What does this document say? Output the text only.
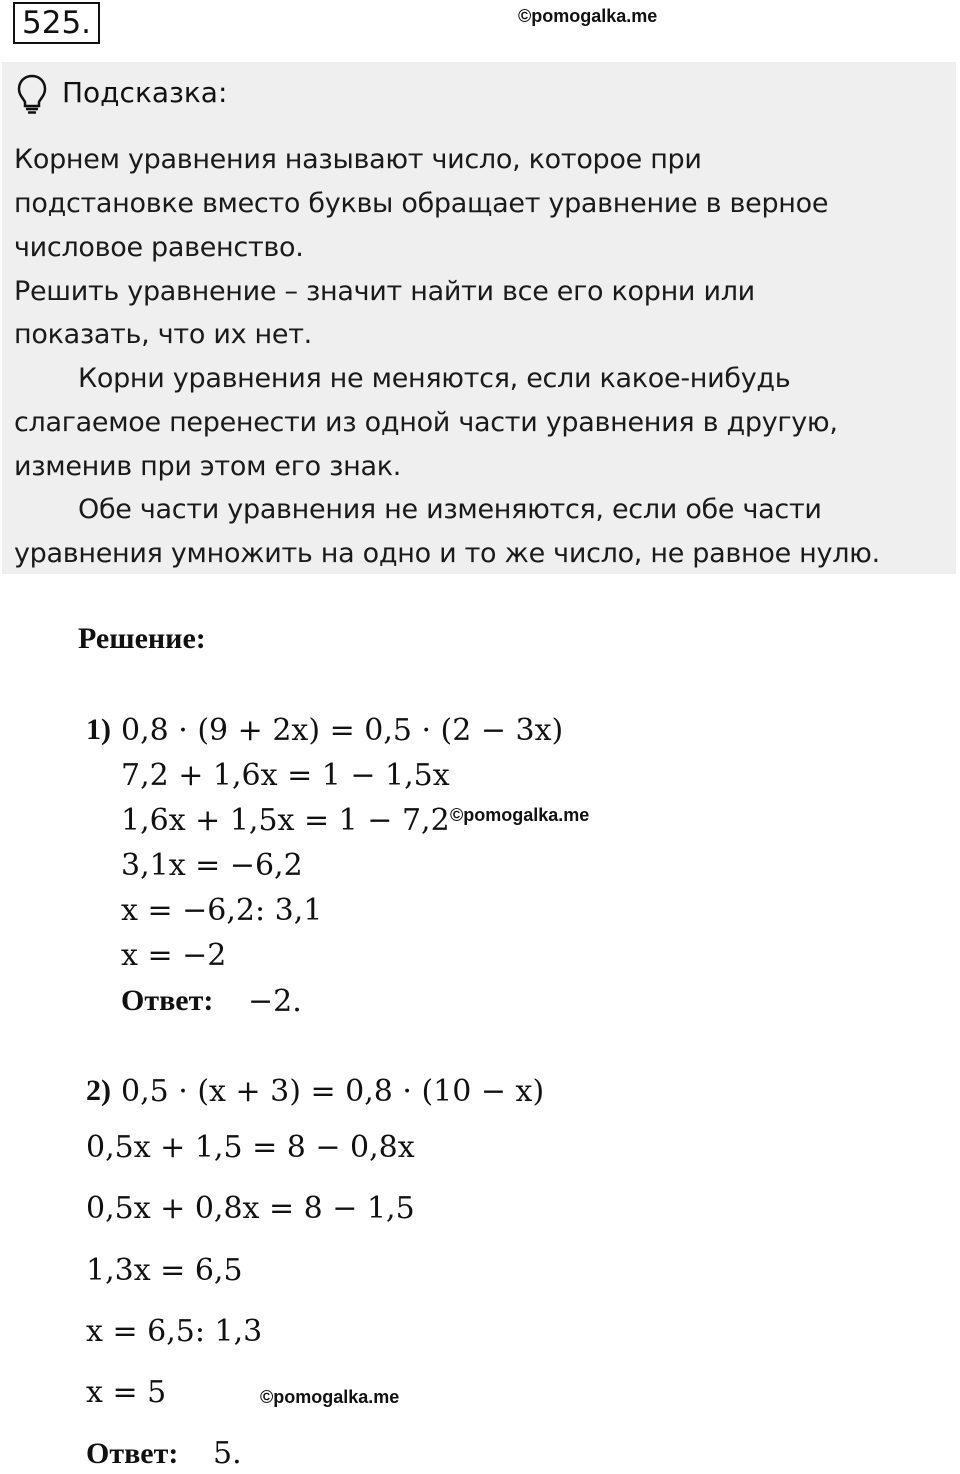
525.	©pomogalka.me
Подсказка:
Корнем уравнения называют число, которое при
подстановке вместо буквы обращает уравнение в верное
числовое равенство.
Решить уравнение – значит найти все его корни или
показать, что их нет.
Корни уравнения не меняются, если какое-нибудь
слагаемое перенести из одной части уравнения в другую,
изменив при этом его знак.
Обе части уравнения не изменяются, если обе части
уравнения умножить на одно и то же число, не равное нулю.
Решение:
1) 0,8 · (9 + 2x) = 0,5 · (2 − 3x)
7,2 + 1,6x = 1 − 1,5x
1,6x + 1,5x = 1 − 7,2 ©pomogalka.me
3,1x = −6,2
x = −6,2: 3,1
x = −2
Ответ: −2.
2) 0,5 · (x + 3) = 0,8 · (10 − x)
0,5x + 1,5 = 8 − 0,8x
0,5x + 0,8x = 8 − 1,5
1,3x = 6,5
x = 6,5: 1,3
x = 5	©pomogalka.me
Ответ: 5.
